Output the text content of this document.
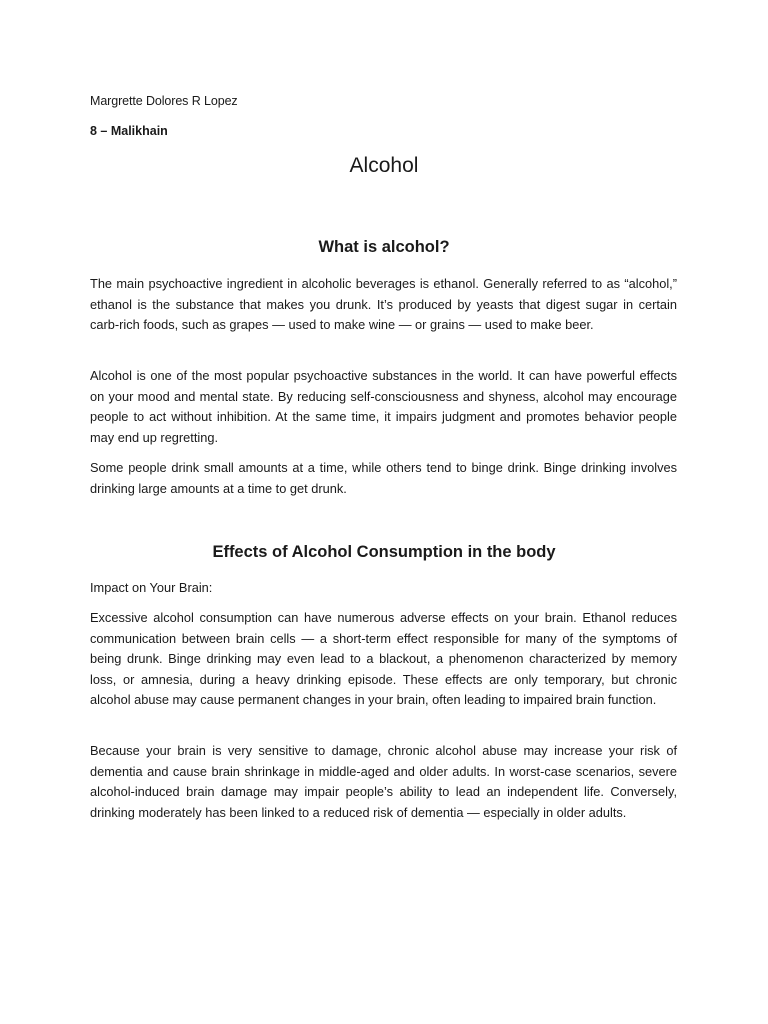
Margrette Dolores R Lopez
8 – Malikhain
Alcohol
What is alcohol?

The main psychoactive ingredient in alcoholic beverages is ethanol. Generally referred to as “alcohol,” ethanol is the substance that makes you drunk. It’s produced by yeasts that digest sugar in certain carb-rich foods, such as grapes — used to make wine — or grains — used to make beer.

Alcohol is one of the most popular psychoactive substances in the world. It can have powerful effects on your mood and mental state. By reducing self-consciousness and shyness, alcohol may encourage people to act without inhibition. At the same time, it impairs judgment and promotes behavior people may end up regretting.

Some people drink small amounts at a time, while others tend to binge drink. Binge drinking involves drinking large amounts at a time to get drunk.

Effects of Alcohol Consumption in the body
Impact on Your Brain:

Excessive alcohol consumption can have numerous adverse effects on your brain. Ethanol reduces communication between brain cells — a short-term effect responsible for many of the symptoms of being drunk. Binge drinking may even lead to a blackout, a phenomenon characterized by memory loss, or amnesia, during a heavy drinking episode. These effects are only temporary, but chronic alcohol abuse may cause permanent changes in your brain, often leading to impaired brain function.

Because your brain is very sensitive to damage, chronic alcohol abuse may increase your risk of dementia and cause brain shrinkage in middle-aged and older adults. In worst-case scenarios, severe alcohol-induced brain damage may impair people’s ability to lead an independent life. Conversely, drinking moderately has been linked to a reduced risk of dementia — especially in older adults.
